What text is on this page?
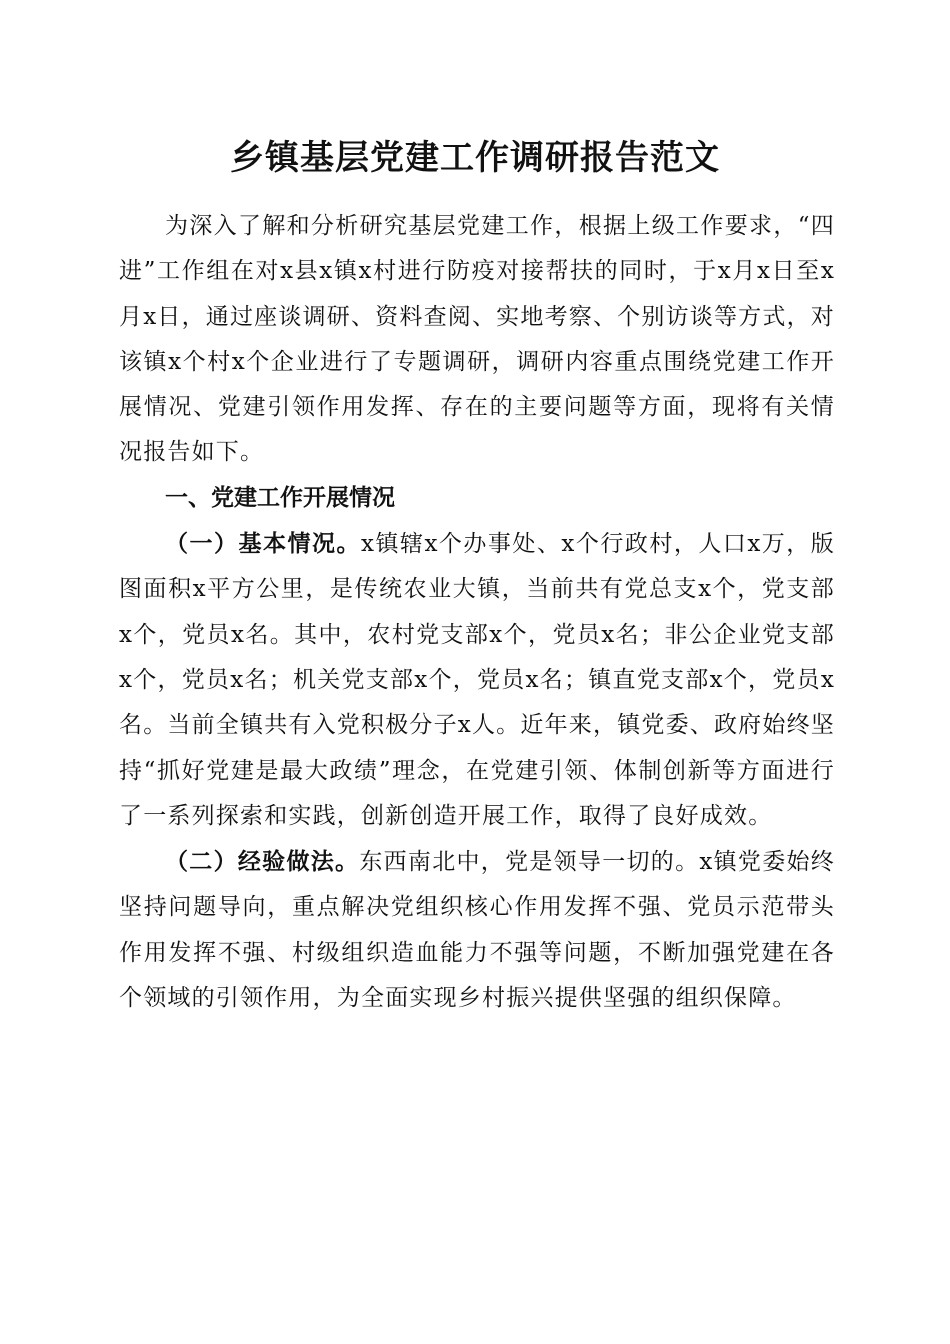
乡镇基层党建工作调研报告范文

为深入了解和分析研究基层党建工作，根据上级工作要求，“四进”工作组在对x县x镇x村进行防疫对接帮扶的同时，于x月x日至x月x日，通过座谈调研、资料查阅、实地考察、个别访谈等方式，对该镇x个村x个企业进行了专题调研，调研内容重点围绕党建工作开展情况、党建引领作用发挥、存在的主要问题等方面，现将有关情况报告如下。

一、党建工作开展情况

（一）基本情况。x镇辖x个办事处、x个行政村，人口x万，版图面积x平方公里，是传统农业大镇，当前共有党总支x个，党支部x个，党员x名。其中，农村党支部x个，党员x名；非公企业党支部x个，党员x名；机关党支部x个，党员x名；镇直党支部x个，党员x名。当前全镇共有入党积极分子x人。近年来，镇党委、政府始终坚持“抓好党建是最大政绩”理念，在党建引领、体制创新等方面进行了一系列探索和实践，创新创造开展工作，取得了良好成效。

（二）经验做法。东西南北中，党是领导一切的。x镇党委始终坚持问题导向，重点解决党组织核心作用发挥不强、党员示范带头作用发挥不强、村级组织造血能力不强等问题，不断加强党建在各个领域的引领作用，为全面实现乡村振兴提供坚强的组织保障。
